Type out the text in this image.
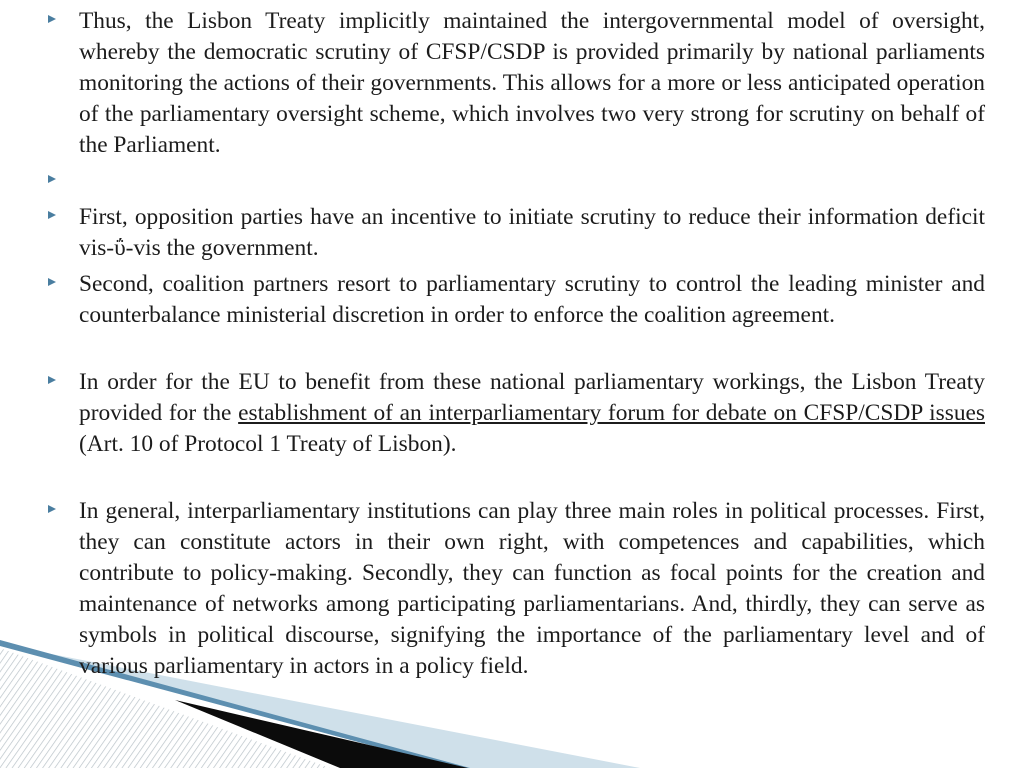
Thus, the Lisbon Treaty implicitly maintained the intergovernmental model of oversight, whereby the democratic scrutiny of CFSP/CSDP is provided primarily by national parliaments monitoring the actions of their governments. This allows for a more or less anticipated operation of the parliamentary oversight scheme, which involves two very strong for scrutiny on behalf of the Parliament.

First, opposition parties have an incentive to initiate scrutiny to reduce their information deficit vis-ΰ-vis the government.
Second, coalition partners resort to parliamentary scrutiny to control the leading minister and counterbalance ministerial discretion in order to enforce the coalition agreement.
In order for the EU to benefit from these national parliamentary workings, the Lisbon Treaty provided for the establishment of an interparliamentary forum for debate on CFSP/CSDP issues (Art. 10 of Protocol 1 Treaty of Lisbon).
In general, interparliamentary institutions can play three main roles in political processes. First, they can constitute actors in their own right, with competences and capabilities, which contribute to policy-making. Secondly, they can function as focal points for the creation and maintenance of networks among participating parliamentarians. And, thirdly, they can serve as symbols in political discourse, signifying the importance of the parliamentary level and of various parliamentary in actors in a policy field.
